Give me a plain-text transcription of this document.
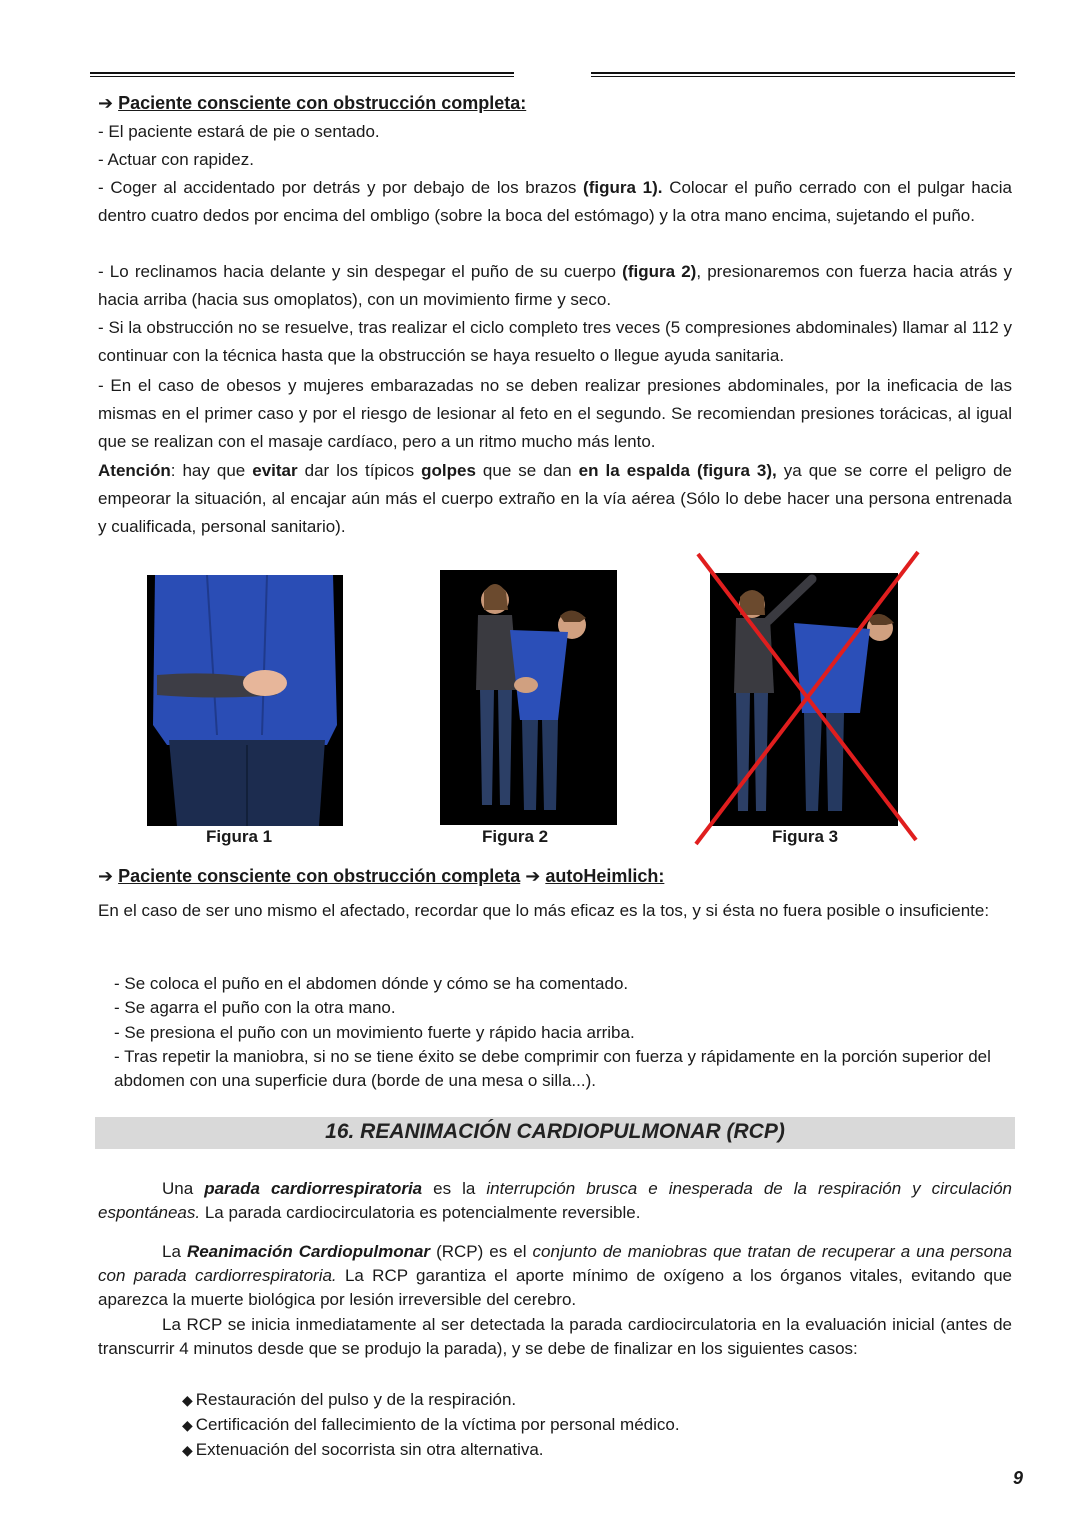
➔ Paciente consciente con obstrucción completa:
- El paciente estará de pie o sentado.
- Actuar con rapidez.
- Coger al accidentado por detrás y por debajo de los brazos (figura 1). Colocar el puño cerrado con el pulgar hacia dentro cuatro dedos por encima del ombligo (sobre la boca del estómago) y la otra mano encima, sujetando el puño.
- Lo reclinamos hacia delante y sin despegar el puño de su cuerpo (figura 2), presionaremos con fuerza hacia atrás y hacia arriba (hacia sus omoplatos), con un movimiento firme y seco.
- Si la obstrucción no se resuelve, tras realizar el ciclo completo tres veces (5 compresiones abdominales) llamar al 112 y continuar con la técnica hasta que la obstrucción se haya resuelto o llegue ayuda sanitaria.
- En el caso de obesos y mujeres embarazadas no se deben realizar presiones abdominales, por la ineficacia de las mismas en el primer caso y por el riesgo de lesionar al feto en el segundo. Se recomiendan presiones torácicas, al igual que se realizan con el masaje cardíaco, pero a un ritmo mucho más lento.
Atención: hay que evitar dar los típicos golpes que se dan en la espalda (figura 3), ya que se corre el peligro de empeorar la situación, al encajar aún más el cuerpo extraño en la vía aérea (Sólo lo debe hacer una persona entrenada y cualificada, personal sanitario).
Figura 1	Figura 2	Figura 3
➔ Paciente consciente con obstrucción completa ➔ autoHeimlich:
En el caso de ser uno mismo el afectado, recordar que lo más eficaz es la tos, y si ésta no fuera posible o insuficiente:
- Se coloca el puño en el abdomen dónde y cómo se ha comentado.
- Se agarra el puño con la otra mano.
- Se presiona el puño con un movimiento fuerte y rápido hacia arriba.
- Tras repetir la maniobra, si no se tiene éxito se debe comprimir con fuerza y rápidamente en la porción superior del abdomen con una superficie dura (borde de una mesa o silla...).
16. REANIMACIÓN CARDIOPULMONAR (RCP)
Una parada cardiorrespiratoria es la interrupción brusca e inesperada de la respiración y circulación espontáneas. La parada cardiocirculatoria es potencialmente reversible.
La Reanimación Cardiopulmonar (RCP) es el conjunto de maniobras que tratan de recuperar a una persona con parada cardiorrespiratoria. La RCP garantiza el aporte mínimo de oxígeno a los órganos vitales, evitando que aparezca la muerte biológica por lesión irreversible del cerebro.
La RCP se inicia inmediatamente al ser detectada la parada cardiocirculatoria en la evaluación inicial (antes de transcurrir 4 minutos desde que se produjo la parada), y se debe de finalizar en los siguientes casos:
◆ Restauración del pulso y de la respiración.
◆ Certificación del fallecimiento de la víctima por personal médico.
◆ Extenuación del socorrista sin otra alternativa.
9
